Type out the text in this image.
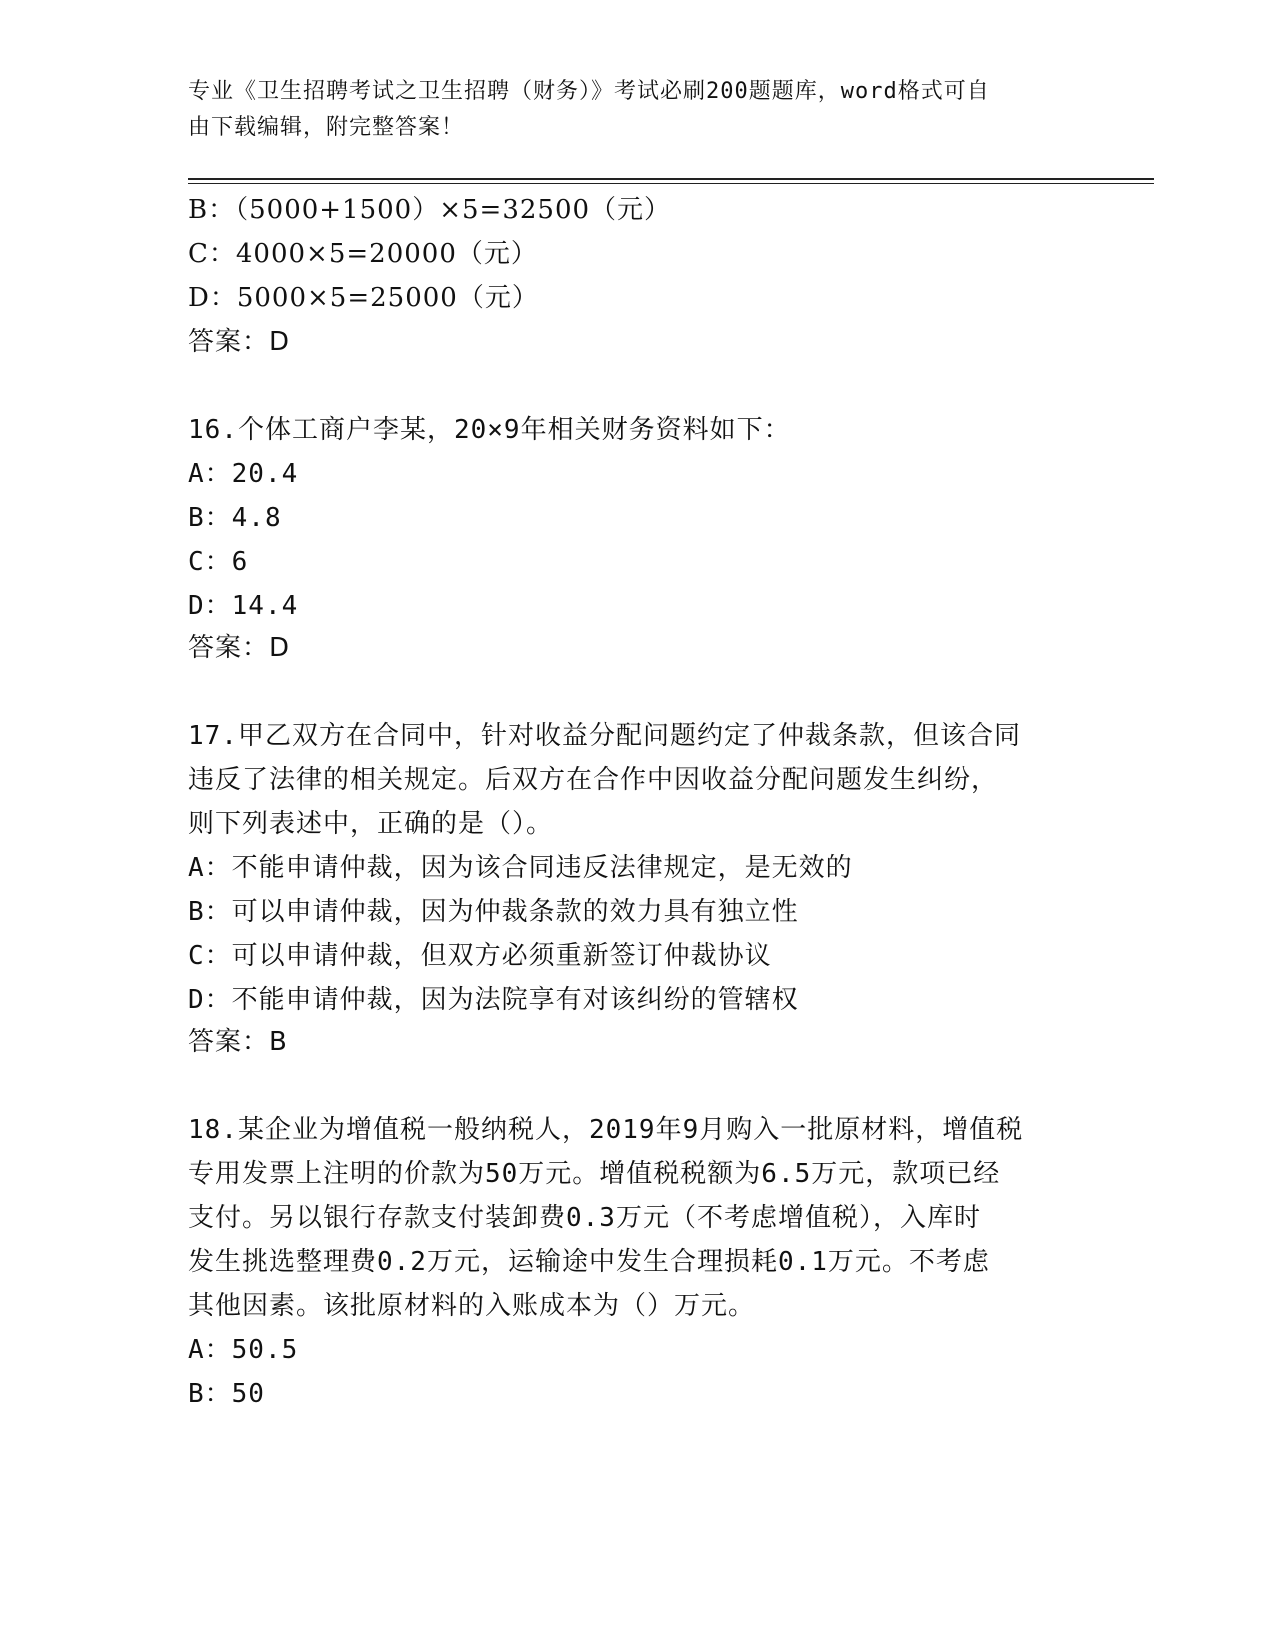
专业《卫生招聘考试之卫生招聘（财务）》考试必刷200题题库，word格式可自
由下载编辑，附完整答案！
B：（5000+1500）×5=32500（元）
C：4000×5=20000（元）
D：5000×5=25000（元）
答案：D
16.个体工商户李某，20×9年相关财务资料如下：
A：20.4
B：4.8
C：6
D：14.4
答案：D
17.甲乙双方在合同中，针对收益分配问题约定了仲裁条款，但该合同
违反了法律的相关规定。后双方在合作中因收益分配问题发生纠纷，
则下列表述中，正确的是（）。
A：不能申请仲裁，因为该合同违反法律规定，是无效的
B：可以申请仲裁，因为仲裁条款的效力具有独立性
C：可以申请仲裁，但双方必须重新签订仲裁协议
D：不能申请仲裁，因为法院享有对该纠纷的管辖权
答案：B
18.某企业为增值税一般纳税人，2019年9月购入一批原材料，增值税
专用发票上注明的价款为50万元。增值税税额为6.5万元，款项已经
支付。另以银行存款支付装卸费0.3万元（不考虑增值税），入库时
发生挑选整理费0.2万元，运输途中发生合理损耗0.1万元。不考虑
其他因素。该批原材料的入账成本为（）万元。
A：50.5
B：50
